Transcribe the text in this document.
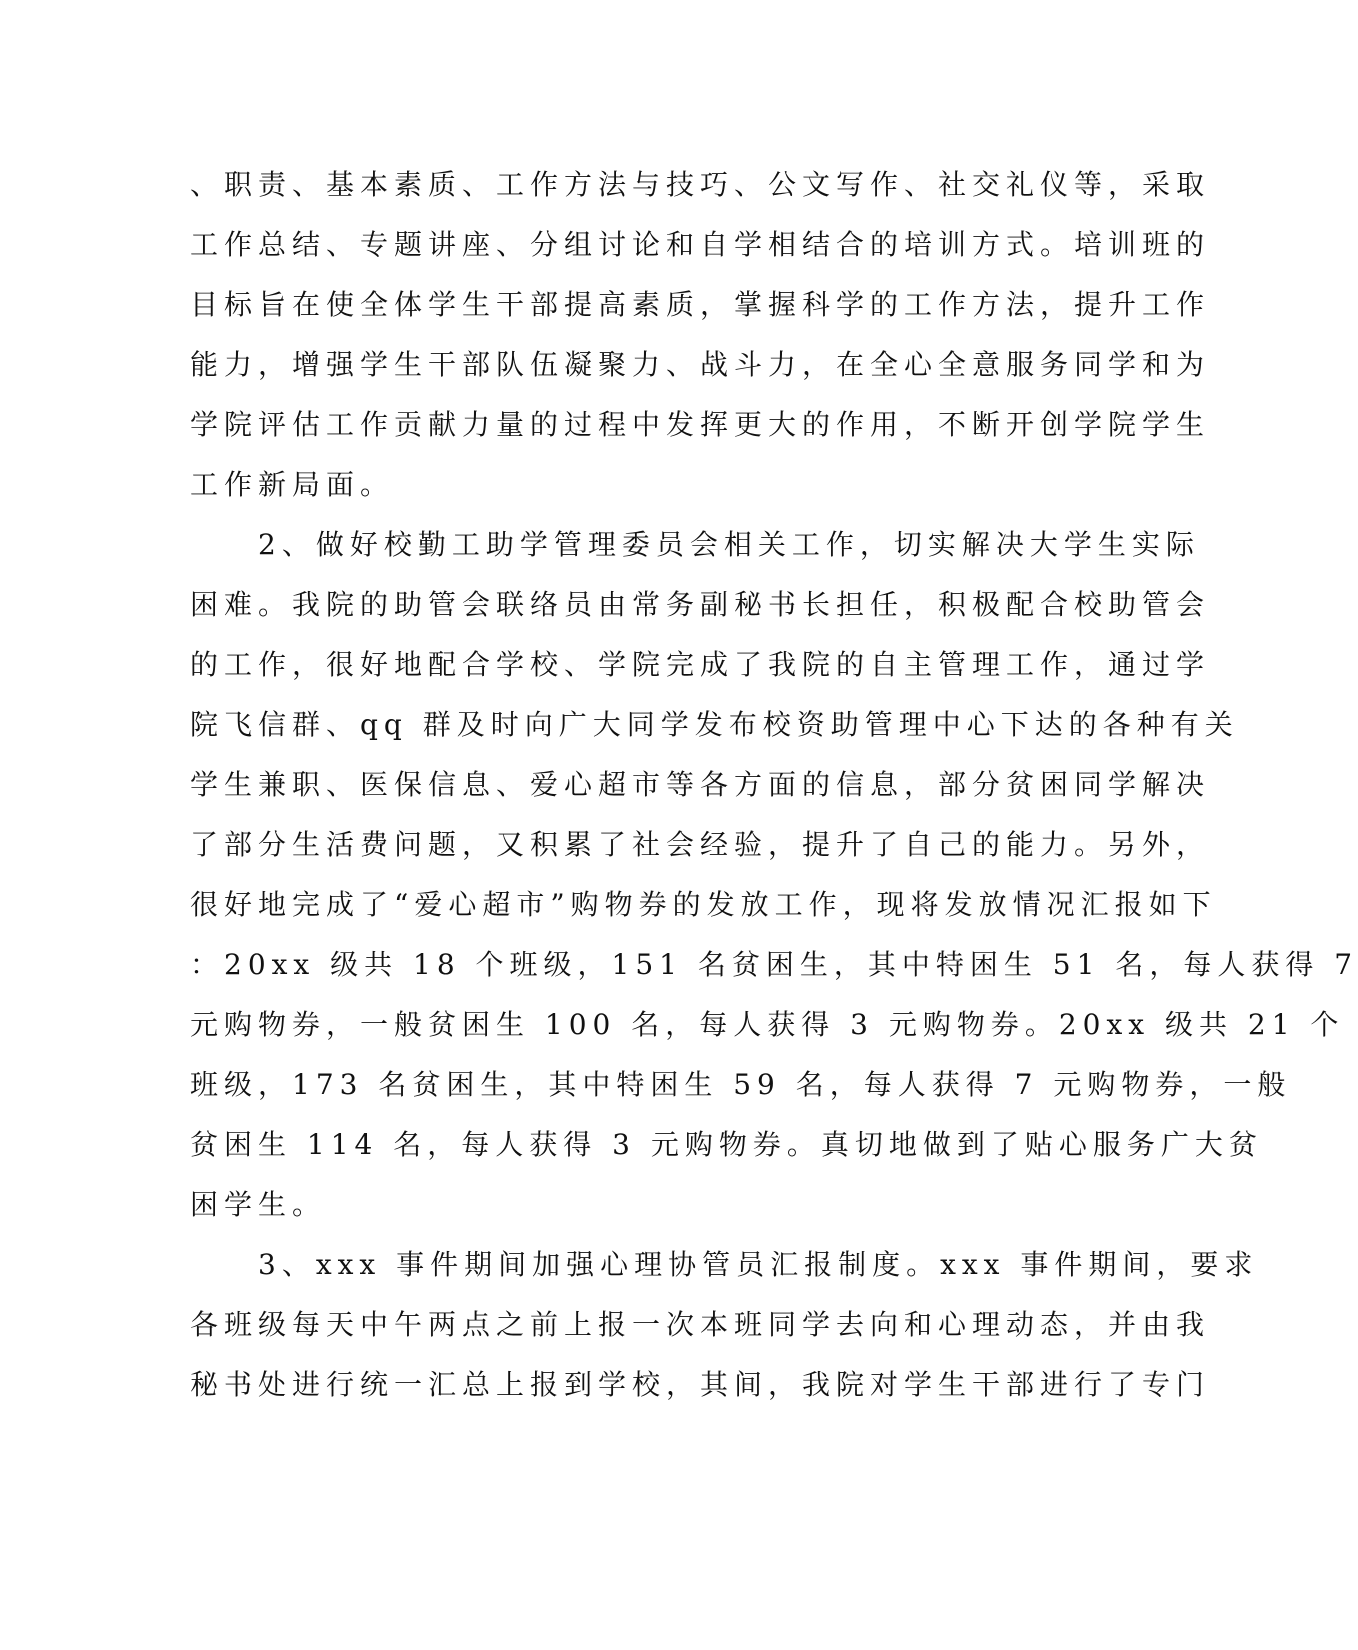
、职责、基本素质、工作方法与技巧、公文写作、社交礼仪等，采取
工作总结、专题讲座、分组讨论和自学相结合的培训方式。培训班的
目标旨在使全体学生干部提高素质，掌握科学的工作方法，提升工作
能力，增强学生干部队伍凝聚力、战斗力，在全心全意服务同学和为
学院评估工作贡献力量的过程中发挥更大的作用，不断开创学院学生
工作新局面。
　　2、做好校勤工助学管理委员会相关工作，切实解决大学生实际
困难。我院的助管会联络员由常务副秘书长担任，积极配合校助管会
的工作，很好地配合学校、学院完成了我院的自主管理工作，通过学
院飞信群、qq 群及时向广大同学发布校资助管理中心下达的各种有关
学生兼职、医保信息、爱心超市等各方面的信息，部分贫困同学解决
了部分生活费问题，又积累了社会经验，提升了自己的能力。另外，
很好地完成了“爱心超市”购物券的发放工作，现将发放情况汇报如下
：20xx 级共 18 个班级，151 名贫困生，其中特困生 51 名，每人获得 7
元购物券，一般贫困生 100 名，每人获得 3 元购物券。20xx 级共 21 个
班级，173 名贫困生，其中特困生 59 名，每人获得 7 元购物券，一般
贫困生 114 名，每人获得 3 元购物券。真切地做到了贴心服务广大贫
困学生。
　　3、xxx 事件期间加强心理协管员汇报制度。xxx 事件期间，要求
各班级每天中午两点之前上报一次本班同学去向和心理动态，并由我
秘书处进行统一汇总上报到学校，其间，我院对学生干部进行了专门
